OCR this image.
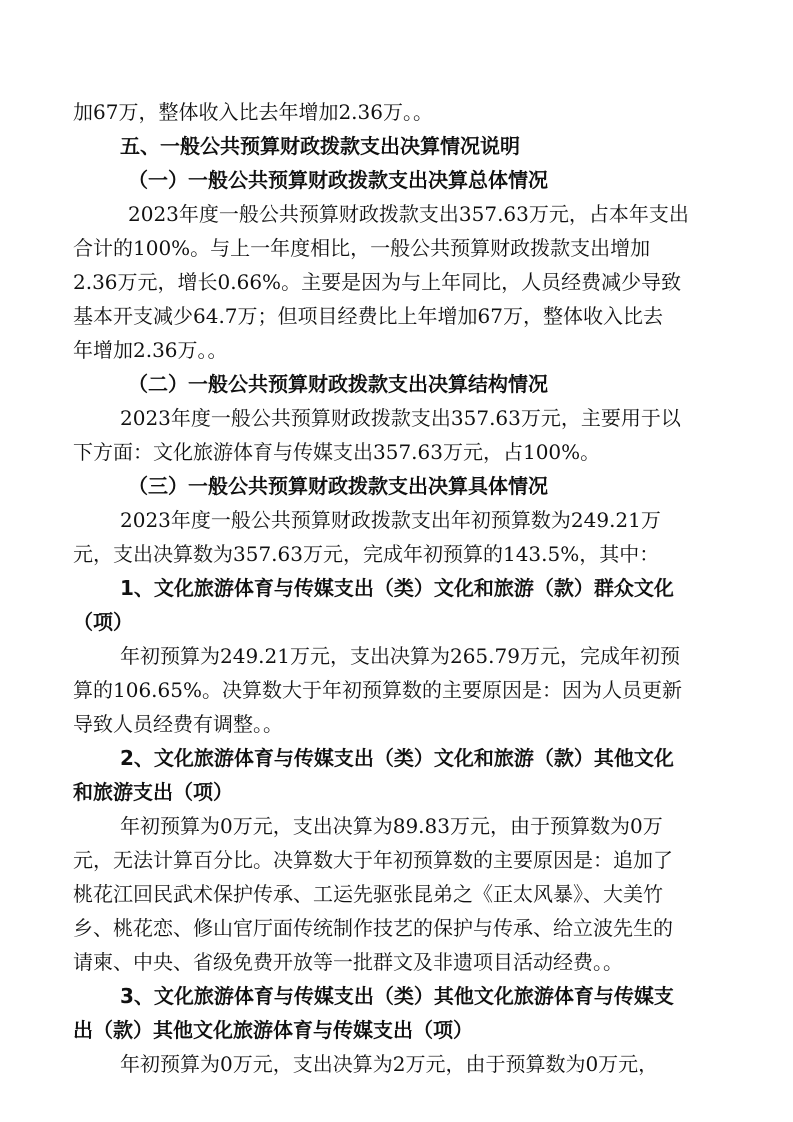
加67万，整体收入比去年增加2.36万。。

五、一般公共预算财政拨款支出决算情况说明

（一）一般公共预算财政拨款支出决算总体情况

2023年度一般公共预算财政拨款支出357.63万元，占本年支出

合计的100%。与上一年度相比，一般公共预算财政拨款支出增加

2.36万元，增长0.66%。主要是因为与上年同比，人员经费减少导致

基本开支减少64.7万；但项目经费比上年增加67万，整体收入比去

年增加2.36万。。

（二）一般公共预算财政拨款支出决算结构情况

2023年度一般公共预算财政拨款支出357.63万元，主要用于以

下方面：文化旅游体育与传媒支出357.63万元，占100%。

（三）一般公共预算财政拨款支出决算具体情况

2023年度一般公共预算财政拨款支出年初预算数为249.21万

元，支出决算数为357.63万元，完成年初预算的143.5%，其中：

1、文化旅游体育与传媒支出（类）文化和旅游（款）群众文化

（项）

年初预算为249.21万元，支出决算为265.79万元，完成年初预

算的106.65%。决算数大于年初预算数的主要原因是：因为人员更新

导致人员经费有调整。。

2、文化旅游体育与传媒支出（类）文化和旅游（款）其他文化

和旅游支出（项）

年初预算为0万元，支出决算为89.83万元，由于预算数为0万

元，无法计算百分比。决算数大于年初预算数的主要原因是：追加了

桃花江回民武术保护传承、工运先驱张昆弟之《正太风暴》、大美竹

乡、桃花恋、修山官厅面传统制作技艺的保护与传承、给立波先生的

请柬、中央、省级免费开放等一批群文及非遗项目活动经费。。

3、文化旅游体育与传媒支出（类）其他文化旅游体育与传媒支

出（款）其他文化旅游体育与传媒支出（项）

年初预算为0万元，支出决算为2万元，由于预算数为0万元，
